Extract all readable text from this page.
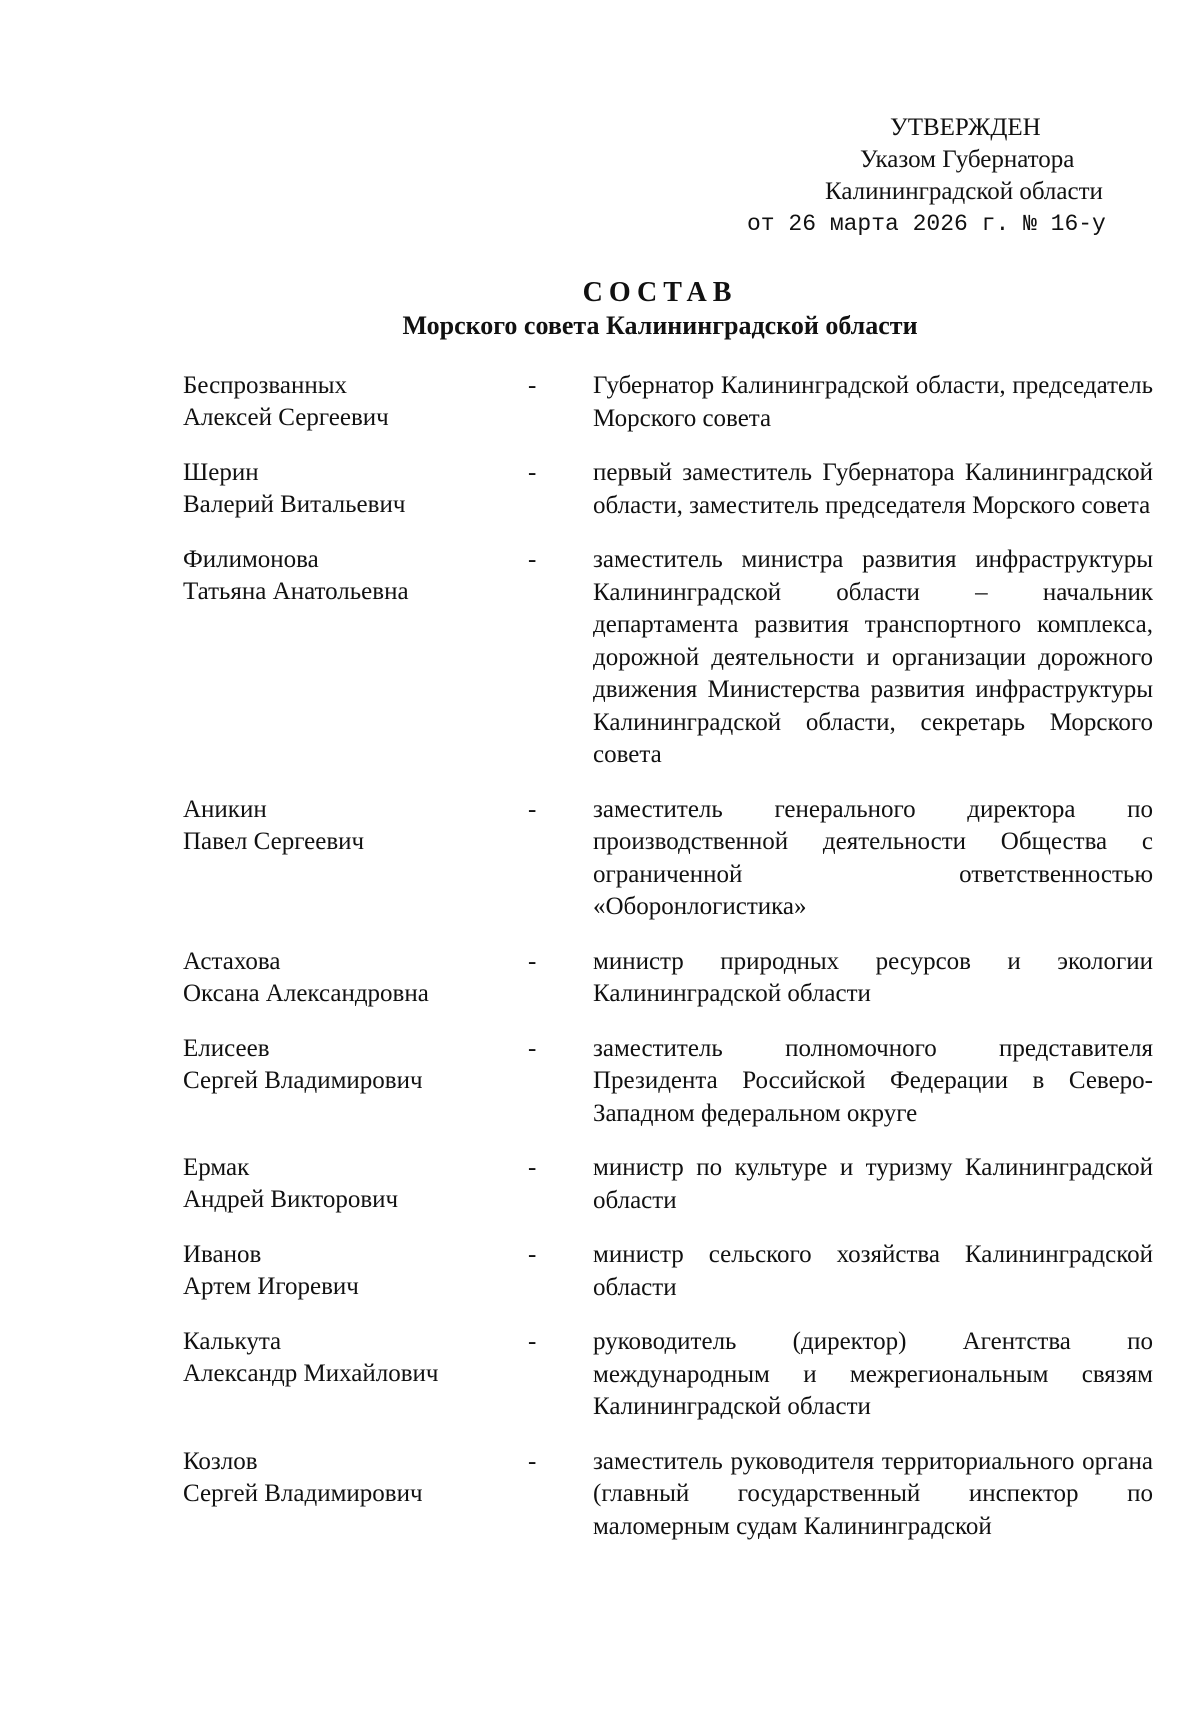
УТВЕРЖДЕН
Указом Губернатора
Калининградской области
от 26 марта 2026 г. № 16-у
СОСТАВ
Морского совета Калининградской области
Беспрозванных
Алексей Сергеевич
-	Губернатор Калининградской области, председатель Морского совета
Шерин
Валерий Витальевич
-	первый заместитель Губернатора Калининградской области, заместитель председателя Морского совета
Филимонова
Татьяна Анатольевна
-	заместитель министра развития инфраструктуры Калининградской области – начальник департамента развития транспортного комплекса, дорожной деятельности и организации дорожного движения Министерства развития инфраструктуры Калининградской области, секретарь Морского совета
Аникин
Павел Сергеевич
-	заместитель генерального директора по производственной деятельности Общества с ограниченной ответственностью «Оборонлогистика»
Астахова
Оксана Александровна
-	министр природных ресурсов и экологии Калининградской области
Елисеев
Сергей Владимирович
-	заместитель полномочного представителя Президента Российской Федерации в Северо-Западном федеральном округе
Ермак
Андрей Викторович
-	министр по культуре и туризму Калининградской области
Иванов
Артем Игоревич
-	министр сельского хозяйства Калининградской области
Калькута
Александр Михайлович
-	руководитель (директор) Агентства по международным и межрегиональным связям Калининградской области
Козлов
Сергей Владимирович
-	заместитель руководителя территориального органа (главный государственный инспектор по маломерным судам Калининградской
